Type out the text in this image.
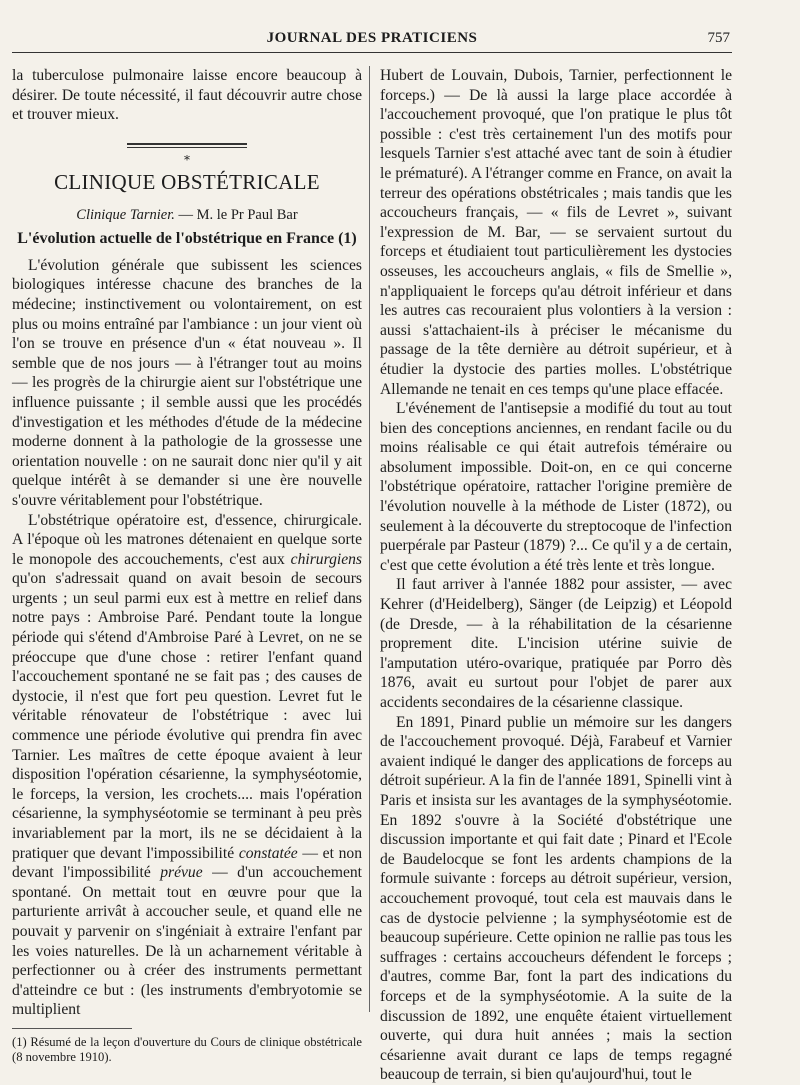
JOURNAL DES PRATICIENS	757

la tuberculose pulmonaire laisse encore beaucoup à désirer. De toute nécessité, il faut découvrir autre chose et trouver mieux.

⁎
CLINIQUE OBSTÉTRICALE
Clinique Tarnier. — M. le Pr Paul Bar
L'évolution actuelle de l'obstétrique en France (1)

L'évolution générale que subissent les sciences biologiques intéresse chacune des branches de la médecine; instinctivement ou volontairement, on est plus ou moins entraîné par l'ambiance : un jour vient où l'on se trouve en présence d'un « état nouveau ». Il semble que de nos jours — à l'étranger tout au moins — les progrès de la chirurgie aient sur l'obstétrique une influence puissante ; il semble aussi que les procédés d'investigation et les méthodes d'étude de la médecine moderne donnent à la pathologie de la grossesse une orientation nouvelle : on ne saurait donc nier qu'il y ait quelque intérêt à se demander si une ère nouvelle s'ouvre véritablement pour l'obstétrique.

L'obstétrique opératoire est, d'essence, chirurgicale. A l'époque où les matrones détenaient en quelque sorte le monopole des accouchements, c'est aux chirurgiens qu'on s'adressait quand on avait besoin de secours urgents ; un seul parmi eux est à mettre en relief dans notre pays : Ambroise Paré. Pendant toute la longue période qui s'étend d'Ambroise Paré à Levret, on ne se préoccupe que d'une chose : retirer l'enfant quand l'accouchement spontané ne se fait pas ; des causes de dystocie, il n'est que fort peu question. Levret fut le véritable rénovateur de l'obstétrique : avec lui commence une période évolutive qui prendra fin avec Tarnier. Les maîtres de cette époque avaient à leur disposition l'opération césarienne, la symphyséotomie, le forceps, la version, les crochets.... mais l'opération césarienne, la symphyséotomie se terminant à peu près invariablement par la mort, ils ne se décidaient à la pratiquer que devant l'impossibilité constatée — et non devant l'impossibilité prévue — d'un accouchement spontané. On mettait tout en œuvre pour que la parturiente arrivât à accoucher seule, et quand elle ne pouvait y parvenir on s'ingéniait à extraire l'enfant par les voies naturelles. De là un acharnement véritable à perfectionner ou à créer des instruments permettant d'atteindre ce but : (les instruments d'embryotomie se multiplient

(1) Résumé de la leçon d'ouverture du Cours de clinique obstétricale (8 novembre 1910).

Hubert de Louvain, Dubois, Tarnier, perfectionnent le forceps.) — De là aussi la large place accordée à l'accouchement provoqué, que l'on pratique le plus tôt possible : c'est très certainement l'un des motifs pour lesquels Tarnier s'est attaché avec tant de soin à étudier le prématuré). A l'étranger comme en France, on avait la terreur des opérations obstétricales ; mais tandis que les accoucheurs français, — « fils de Levret », suivant l'expression de M. Bar, — se servaient surtout du forceps et étudiaient tout particulièrement les dystocies osseuses, les accoucheurs anglais, « fils de Smellie », n'appliquaient le forceps qu'au détroit inférieur et dans les autres cas recouraient plus volontiers à la version : aussi s'attachaient-ils à préciser le mécanisme du passage de la tête dernière au détroit supérieur, et à étudier la dystocie des parties molles. L'obstétrique Allemande ne tenait en ces temps qu'une place effacée.

L'événement de l'antisepsie a modifié du tout au tout bien des conceptions anciennes, en rendant facile ou du moins réalisable ce qui était autrefois téméraire ou absolument impossible. Doit-on, en ce qui concerne l'obstétrique opératoire, rattacher l'origine première de l'évolution nouvelle à la méthode de Lister (1872), ou seulement à la découverte du streptocoque de l'infection puerpérale par Pasteur (1879) ?... Ce qu'il y a de certain, c'est que cette évolution a été très lente et très longue.

Il faut arriver à l'année 1882 pour assister, — avec Kehrer (d'Heidelberg), Sänger (de Leipzig) et Léopold (de Dresde, — à la réhabilitation de la césarienne proprement dite. L'incision utérine suivie de l'amputation utéro-ovarique, pratiquée par Porro dès 1876, avait eu surtout pour l'objet de parer aux accidents secondaires de la césarienne classique.

En 1891, Pinard publie un mémoire sur les dangers de l'accouchement provoqué. Déjà, Farabeuf et Varnier avaient indiqué le danger des applications de forceps au détroit supérieur. A la fin de l'année 1891, Spinelli vint à Paris et insista sur les avantages de la symphyséotomie. En 1892 s'ouvre à la Société d'obstétrique une discussion importante et qui fait date ; Pinard et l'Ecole de Baudelocque se font les ardents champions de la formule suivante : forceps au détroit supérieur, version, accouchement provoqué, tout cela est mauvais dans le cas de dystocie pelvienne ; la symphyséotomie est de beaucoup supérieure. Cette opinion ne rallie pas tous les suffrages : certains accoucheurs défendent le forceps ; d'autres, comme Bar, font la part des indications du forceps et de la symphyséotomie. A la suite de la discussion de 1892, une enquête étaient virtuellement ouverte, qui dura huit années ; mais la section césarienne avait durant ce laps de temps regagné beaucoup de terrain, si bien qu'aujourd'hui, tout le
